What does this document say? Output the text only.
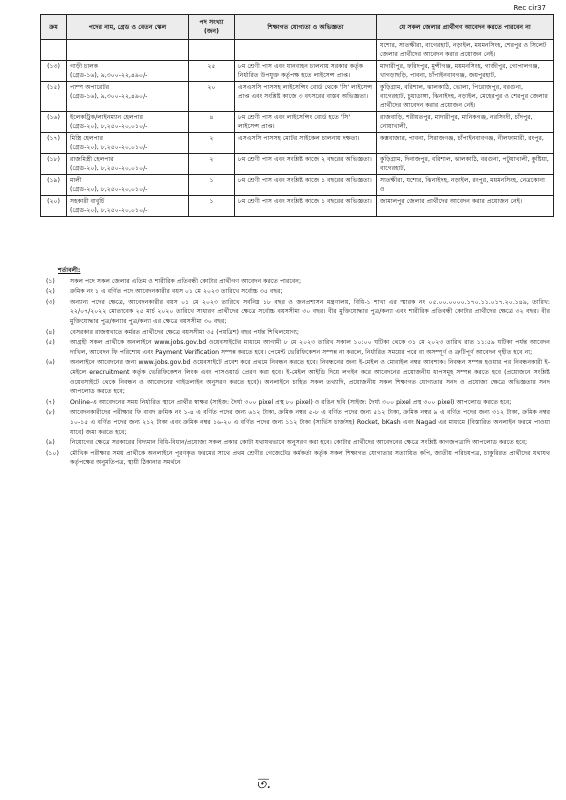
Rec cir37
ক্রম	পদের নাম, গ্রেড ও বেতন স্কেল	পদ সংখ্যা (জন)	শিক্ষাগত যোগ্যতা ও অভিজ্ঞতা	যে সকল জেলার প্রার্থীগণ আবেদন করতে পারবেন না
				যশোর, সাতক্ষীরা, বাগেরহাট, নড়াইল, ময়মনসিংহ, শেরপুর ও সিলেট জেলার প্রার্থীদের আবেদন করার প্রয়োজন নেই।
(১৩)	গাড়ী চালক
(গ্রেড-১৬), ৯,৩০০-২২,৪৯০/-	২৫	৮ম শ্রেণী পাস এবং যানবাহন চালনায় সরকার কর্তৃক নির্ধারিত উপযুক্ত কর্তৃপক্ষ হতে লাইসেন্স প্রাপ্ত।	মাদারীপুর, ফরিদপুর, মুন্সীগঞ্জ, ময়মনসিংহ, গাজীপুর, গোপালগঞ্জ, খাগড়াছড়ি, পাবনা, চাঁপাইনবাবগঞ্জ, জয়পুরহাট,
(১৫)	পাম্প অপারেটর
(গ্রেড-১৬), ৯,৩০০-২২,৪৯০/-	২০	এসএসসি পাসসহ লাইসেন্সিং বোর্ড থেকে 'সি' লাইসেন্স প্রাপ্ত এবং সংশ্লিষ্ট কাজে ৩ বৎসরের বাস্তব অভিজ্ঞতা।	কুড়িগ্রাম, বরিশাল, ঝালকাঠি, ভোলা, পিরোজপুর, বরগুনা, বাগেরহাট, চুয়াডাঙ্গা, ঝিনাইদহ, নড়াইল, মেহেরপুর ও শেরপুর জেলার প্রার্থীদের আবেদন করার প্রয়োজন নেই।
(১৬)	ইলেকট্রিক/লাইনম্যান হেলপার
(গ্রেড-২০), ৮,২৫০-২০,০১০/-	৪	৮ম শ্রেণী পাস এবং লাইসেন্সিং বোর্ড হতে 'সি' লাইসেন্স প্রাপ্ত।	রাজবাড়ি, শরীয়তপুর, মাদারীপুর, মানিকগঞ্জ, নরসিংদী, চাঁদপুর, নোয়াখালী,
(১৭)	মিস্ত্রি হেলপার
(গ্রেড-২০), ৮,২৫০-২০,০১০/-	২	এসএসসি পাসসহ মোটর সাইকেল চালনায় দক্ষতা।	কক্সবাজার, পাবনা, সিরাজগঞ্জ, চাঁপাইনবাবগঞ্জ, নীলফামারী, রংপুর,
(১৮)	রাজমিস্ত্রী হেলপার
(গ্রেড-২০), ৮,২৫০-২০,০১০/-	২	৮ম শ্রেণী পাস এবং সংশ্লিষ্ট কাজে ২ বছরের অভিজ্ঞতা।	কুড়িগ্রাম, দিনাজপুর, বরিশাল, ঝালকাঠি, বরগুনা, পটুয়াখালী, কুষ্টিয়া, বাগেরহাট,
(১৯)	মালী
(গ্রেড-২০), ৮,২৫০-২০,০১০/-	১	৮ম শ্রেণী পাস এবং সংশ্লিষ্ট কাজে ১ বছরের অভিজ্ঞতা।	সাতক্ষীরা, যশোর, ঝিনাইদহ, নড়াইল, রংপুর, ময়মনসিংহ, নেত্রকোনা ও
(২০)	সহকারী বাবুর্চি
(গ্রেড-২০), ৮,২৫০-২০,০১০/-	১	৮ম শ্রেণী পাস এবং সংশ্লিষ্ট কাজে ১ বছরের অভিজ্ঞতা।	জামালপুর জেলার প্রার্থীদের আবেদন করার প্রয়োজন নেই।
শর্তাবলী:
(১)	সকল পদে সকল জেলার এতিম ও শারীরিক প্রতিবন্ধী কোটার প্রার্থীগণ আবেদন করতে পারবেন;
(২)	ক্রমিক নং ১ এ বর্ণিত পদে আবেদনকারীর বয়স ০১ মে ২০২৩ তারিখে সর্বোচ্চ ৩৫ বছর;
(৩)	অন্যান্য পদের ক্ষেত্রে, আবেদনকারীর বয়স ০১ মে ২০২৩ তারিখে সর্বনিম্ন ১৮ বছর ও জনপ্রশাসন মন্ত্রণালয়, বিধি-১ শাখা এর স্মারক নং ০৫.০০.০০০০.১৭০.১১.০১৭.২০.১৪৯, তারিখ: ২২/০৭/২০২২ মোতাবেক ২৫ মার্চ ২০২০ তারিখে সাধারণ প্রার্থীদের ক্ষেত্রে সর্বোচ্চ বয়সসীমা ৩০ বছর। বীর মুক্তিযোদ্ধার পুত্র/কন্যা এবং শারীরিক প্রতিবন্ধী কোটার প্রার্থীদের ক্ষেত্রে ৩২ বছর। বীর মুক্তিযোদ্ধার পুত্র/কন্যার পুত্র/কন্যা এর ক্ষেত্রে বয়সসীমা ৩০ বছর;
(৪)	বেসরকার রাজস্বখাতে কর্মরত প্রার্থীদের ক্ষেত্রে বয়সসীমা ৩৫ (পয়ত্রিশ) বছর পর্যন্ত শিথিলযোগ্য;
(৫)	আগ্রহী সকল প্রার্থীকে অনলাইনে www.jobs.gov.bd ওয়েবসাইটের মাধ্যমে আগামী ৮ মে ২০২৩ তারিখ সকাল ১০:০০ ঘটিকা থেকে ৩১ মে ২০২৩ তারিখ রাত ১১:৫৯ ঘটিকা পর্যন্ত আবেদন দাখিল, আবেদন ফি পরিশোধ এবং Payment Verification সম্পন্ন করতে হবে। পেমেন্ট ভেরিফিকেশন সম্পন্ন না করলে, নির্ধারিত সময়ের পরে বা অসম্পূর্ণ ও ত্রুটিপূর্ণ আবেদন গৃহীত হবে না;
(৬)	অনলাইনে আবেদনের জন্য www.jobs.gov.bd ওয়েবসাইটে প্রবেশ করে প্রথমে নিবন্ধন করতে হবে। নিবন্ধনের জন্য ই-মেইল ও মোবাইল নম্বর আবশ্যক। নিবন্ধন সম্পন্ন হওয়ার পর নিবন্ধনকারী ই-মেইলে erecruitment কর্তৃক ভেরিফিকেশন লিংক এবং পাসওয়ার্ড প্রেরণ করা হবে। ই-মেইল আইডি দিয়ে লগইন করে আবেদনের প্রয়োজনীয় ধাপসমূহ সম্পন্ন করতে হবে (প্রয়োজনে সংশ্লিষ্ট ওয়েবসাইটে থেকে নিবন্ধন ও আবেদনের গাইডলাইন অনুসরণ করতে হবে)। অনলাইনে চাহিত সকল তথ্যাদি, প্রয়োজনীয় সকল শিক্ষাগত যোগ্যতার সনদ ও প্রযোজ্য ক্ষেত্রে অভিজ্ঞতার সনদ আপলোড করতে হবে;
(৭)	Online-এ আবেদনের সময় নির্ধারিত স্থানে প্রার্থীর স্বাক্ষর (সাইজ: দৈর্ঘ্য ৩০০ pixel প্রস্থ ৮০ pixel) ও রঙিন ছবি (সাইজ: দৈর্ঘ্য ৩০০ pixel প্রস্থ ৩০০ pixel) আপলোড করতে হবে;
(৮)	আবেদনকারীদের পরীক্ষার ফি বাবদ ক্রমিক নং ১-৪ এ বর্ণিত পদের জন্য ৬১২ টাকা, ক্রমিক নম্বর ৫-৮ এ বর্ণিত পদের জন্য ৫১২ টাকা, ক্রমিক নম্বর ৯ এ বর্ণিত পদের জন্য ৩১২ টাকা, ক্রমিক নম্বর ১০-১৫ এ বর্ণিত পদের জন্য ২১২ টাকা এবং ক্রমিক নম্বর ১৬-২০ এ বর্ণিত পদের জন্য ১১২ টাকা (সার্ভিস চার্জসহ) Rocket, bKash এবং Nagad এর মাধ্যমে (বিস্তারিত অনলাইন ফরমে পাওয়া যাবে) জমা করতে হবে;
(৯)	নিয়োগের ক্ষেত্রে সরকারের বিদ্যমান বিধি-বিধান/প্রযোজ্য সকল প্রকার কোটা যথাযথভাবে অনুসরণ করা হবে। কোটার প্রার্থীদের আবেদনের ক্ষেত্রে সংশ্লিষ্ট কাগজপত্রাদি আপলোড করতে হবে;
(১০)	মৌখিক পরীক্ষার সময় প্রার্থীকে অনলাইনে পূরণকৃত ফরমের সাথে প্রথম শ্রেণীর গেজেটেড কর্মকর্তা কর্তৃক সকল শিক্ষাগত যোগ্যতার সত্যায়িত কপি, জাতীয় পরিচয়পত্র, চাকুরিরত প্রার্থীদের যথাযথ কর্তৃপক্ষের অনুমতিপত্র, স্থায়ী ঠিকানার সমর্থনে
ত.
